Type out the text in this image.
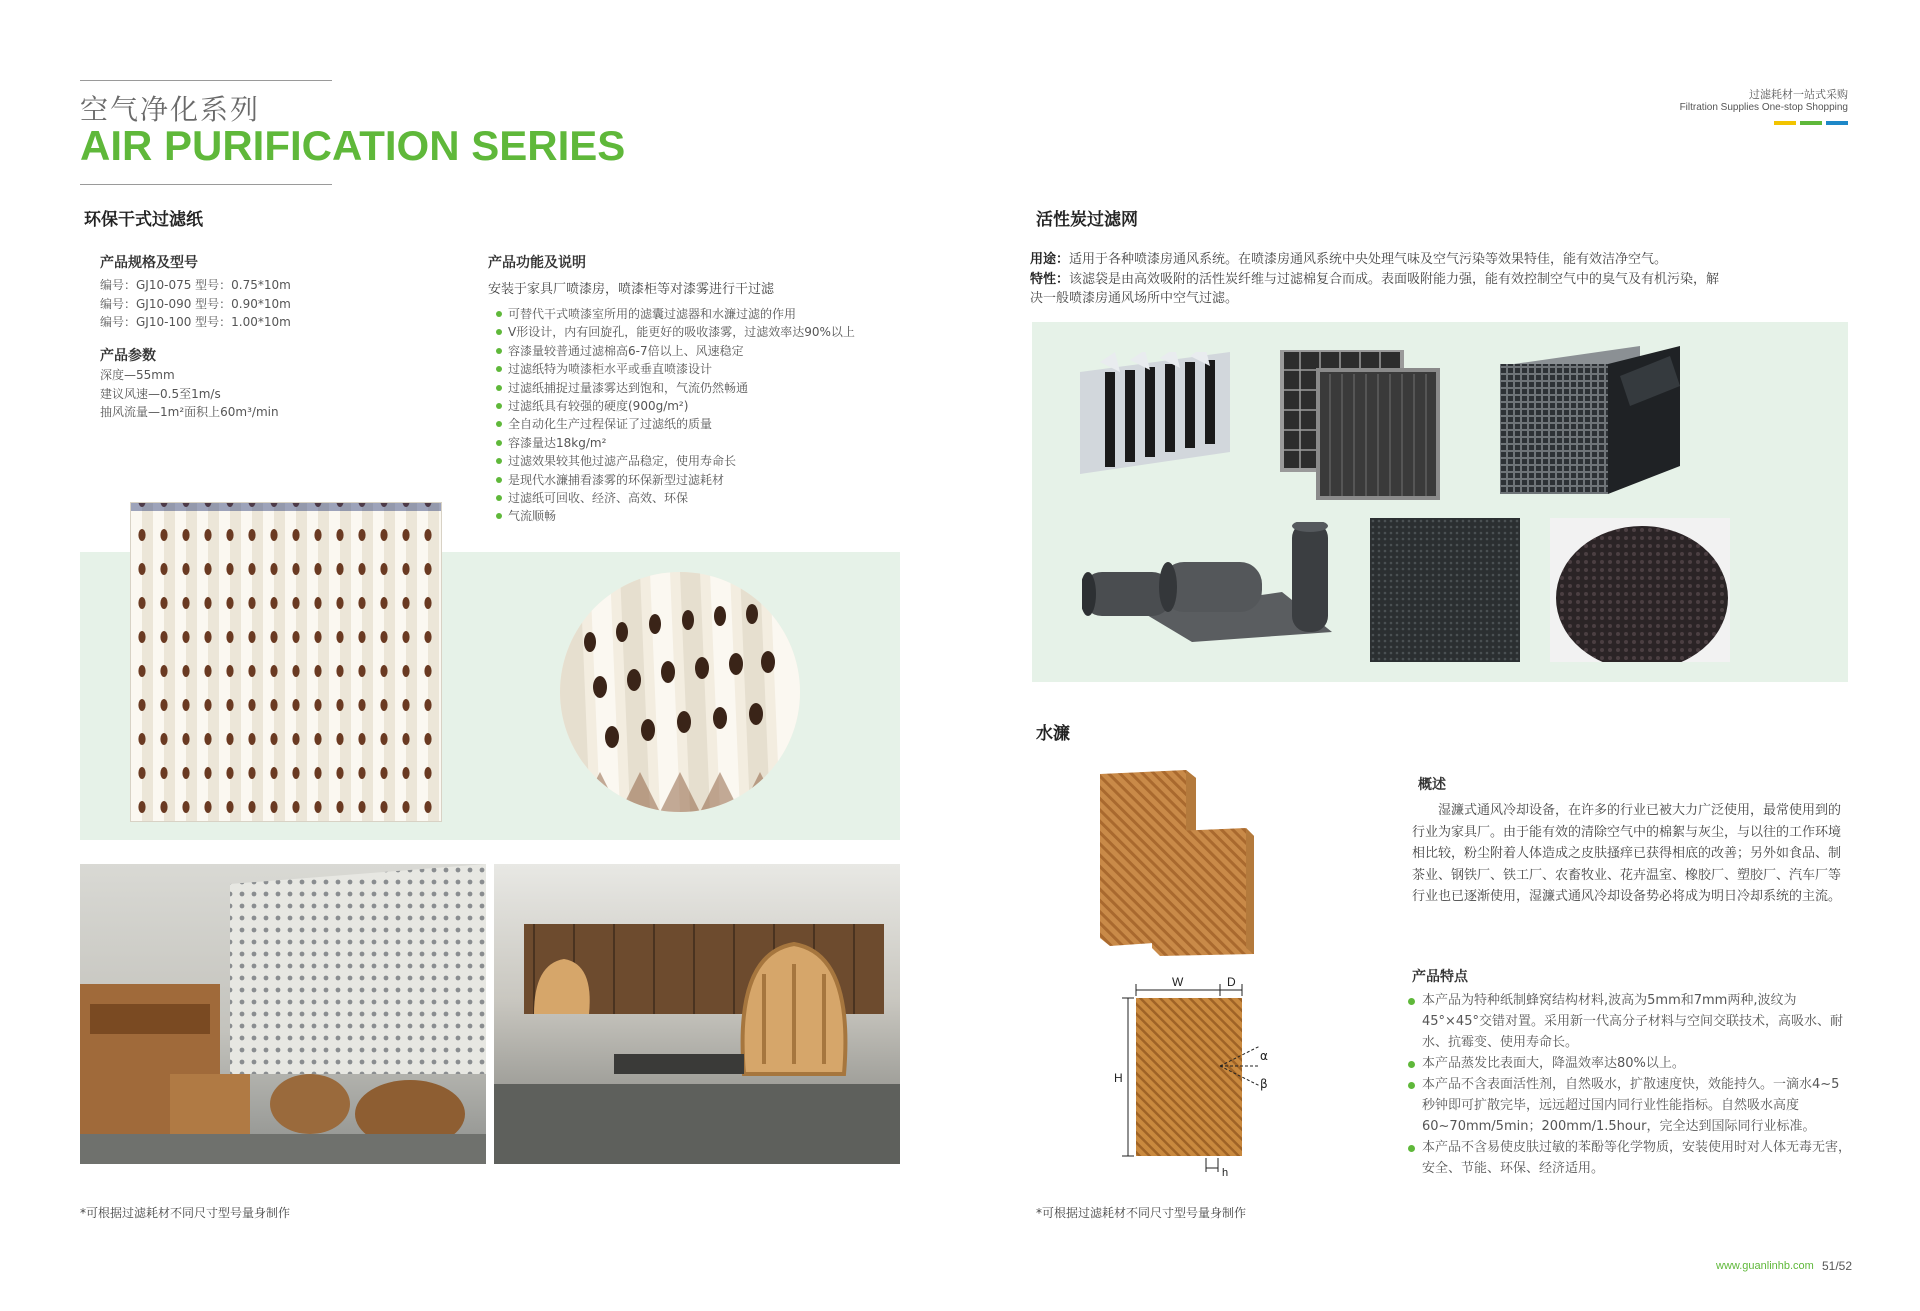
空气净化系列
AIR PURIFICATION SERIES
过滤耗材一站式采购
Filtration Supplies One-stop Shopping
环保干式过滤纸
产品规格及型号
编号：GJ10-075 型号：0.75*10m
编号：GJ10-090 型号：0.90*10m
编号：GJ10-100 型号：1.00*10m
产品参数
深度—55mm
建议风速—0.5至1m/s
抽风流量—1m²面积上60m³/min
产品功能及说明
安装于家具厂喷漆房，喷漆柜等对漆雾进行干过滤
可替代干式喷漆室所用的滤囊过滤器和水濂过滤的作用
V形设计，内有回旋孔，能更好的吸收漆雾，过滤效率达90%以上
容漆量较普通过滤棉高6-7倍以上、风速稳定
过滤纸特为喷漆柜水平或垂直喷漆设计
过滤纸捕捉过量漆雾达到饱和，气流仍然畅通
过滤纸具有较强的硬度(900g/m²)
全自动化生产过程保证了过滤纸的质量
容漆量达18kg/m²
过滤效果较其他过滤产品稳定，使用寿命长
是现代水濂捕看漆雾的环保新型过滤耗材
过滤纸可回收、经济、高效、环保
气流顺畅
*可根据过滤耗材不同尺寸型号量身制作
活性炭过滤网
用途：适用于各种喷漆房通风系统。在喷漆房通风系统中央处理气味及空气污染等效果特佳，能有效洁净空气。
特性：该滤袋是由高效吸附的活性炭纤维与过滤棉复合而成。表面吸附能力强，能有效控制空气中的臭气及有机污染，解决一般喷漆房通风场所中空气过滤。
水濂
W	D
H
h
α
β
概述
湿濂式通风冷却设备，在许多的行业已被大力广泛使用，最常使用到的行业为家具厂。由于能有效的清除空气中的棉絮与灰尘，与以往的工作环境相比较，粉尘附着人体造成之皮肤搔痒已获得相底的改善；另外如食品、制茶业、钢铁厂、铁工厂、农畜牧业、花卉温室、橡胶厂、塑胶厂、汽车厂等行业也已逐渐使用，湿濂式通风冷却设备势必将成为明日冷却系统的主流。
产品特点
本产品为特种纸制蜂窝结构材料,波高为5mm和7mm两种,波纹为45°×45°交错对置。采用新一代高分子材料与空间交联技术，高吸水、耐水、抗霉变、使用寿命长。
本产品蒸发比表面大，降温效率达80%以上。
本产品不含表面活性剂，自然吸水，扩散速度快，效能持久。一滴水4~5秒钟即可扩散完毕，远远超过国内同行业性能指标。自然吸水高度60~70mm/5min；200mm/1.5hour，完全达到国际同行业标准。
本产品不含易使皮肤过敏的苯酚等化学物质，安装使用时对人体无毒无害，安全、节能、环保、经济适用。
*可根据过滤耗材不同尺寸型号量身制作
www.guanlinhb.com 51/52
